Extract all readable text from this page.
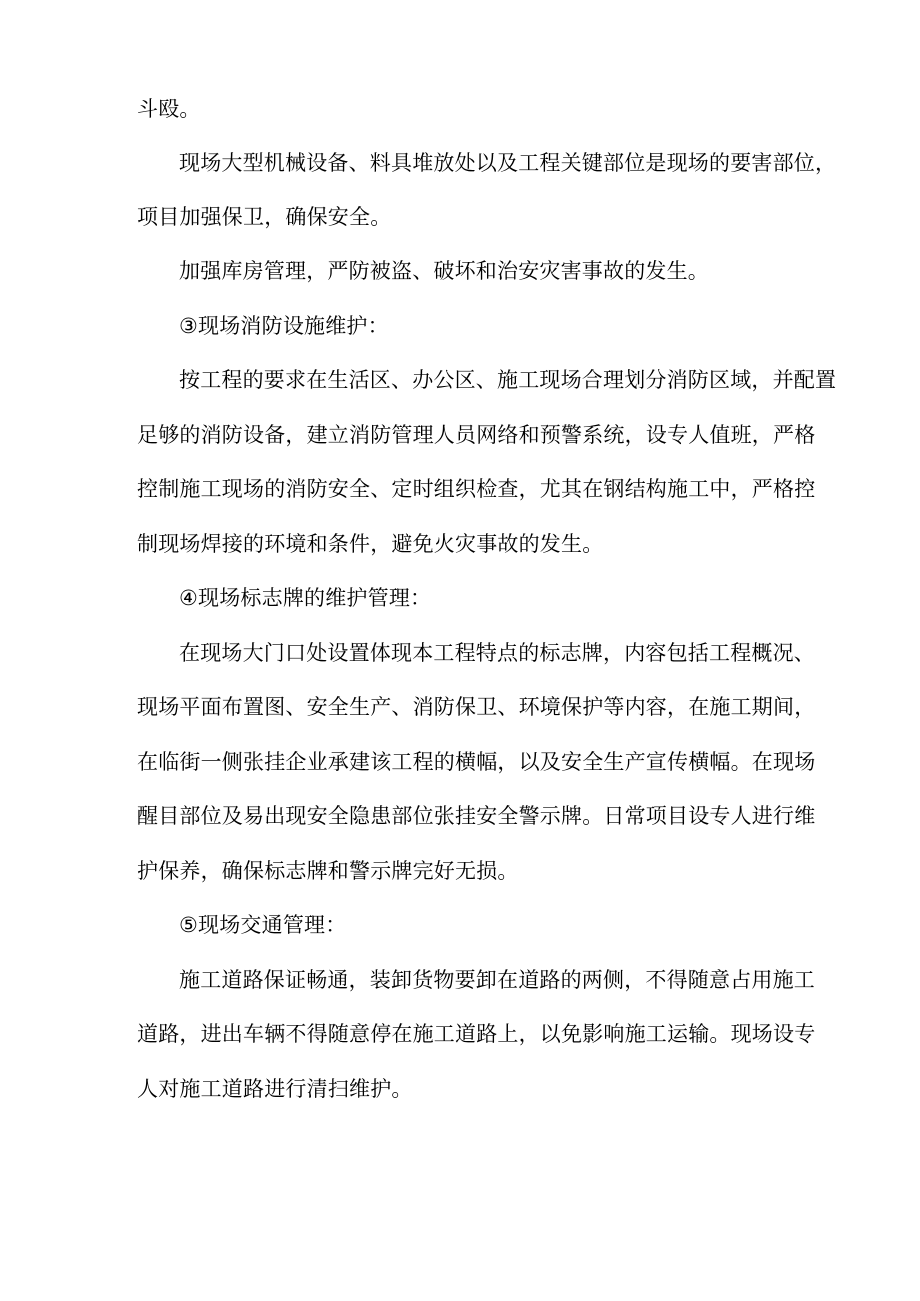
斗殴。
现场大型机械设备、料具堆放处以及工程关键部位是现场的要害部位，
项目加强保卫，确保安全。
加强库房管理，严防被盗、破坏和治安灾害事故的发生。
③现场消防设施维护：
按工程的要求在生活区、办公区、施工现场合理划分消防区域，并配置
足够的消防设备，建立消防管理人员网络和预警系统，设专人值班，严格
控制施工现场的消防安全、定时组织检查，尤其在钢结构施工中，严格控
制现场焊接的环境和条件，避免火灾事故的发生。
④现场标志牌的维护管理：
在现场大门口处设置体现本工程特点的标志牌，内容包括工程概况、
现场平面布置图、安全生产、消防保卫、环境保护等内容，在施工期间，
在临街一侧张挂企业承建该工程的横幅，以及安全生产宣传横幅。在现场
醒目部位及易出现安全隐患部位张挂安全警示牌。日常项目设专人进行维
护保养，确保标志牌和警示牌完好无损。
⑤现场交通管理：
施工道路保证畅通，装卸货物要卸在道路的两侧，不得随意占用施工
道路，进出车辆不得随意停在施工道路上，以免影响施工运输。现场设专
人对施工道路进行清扫维护。
